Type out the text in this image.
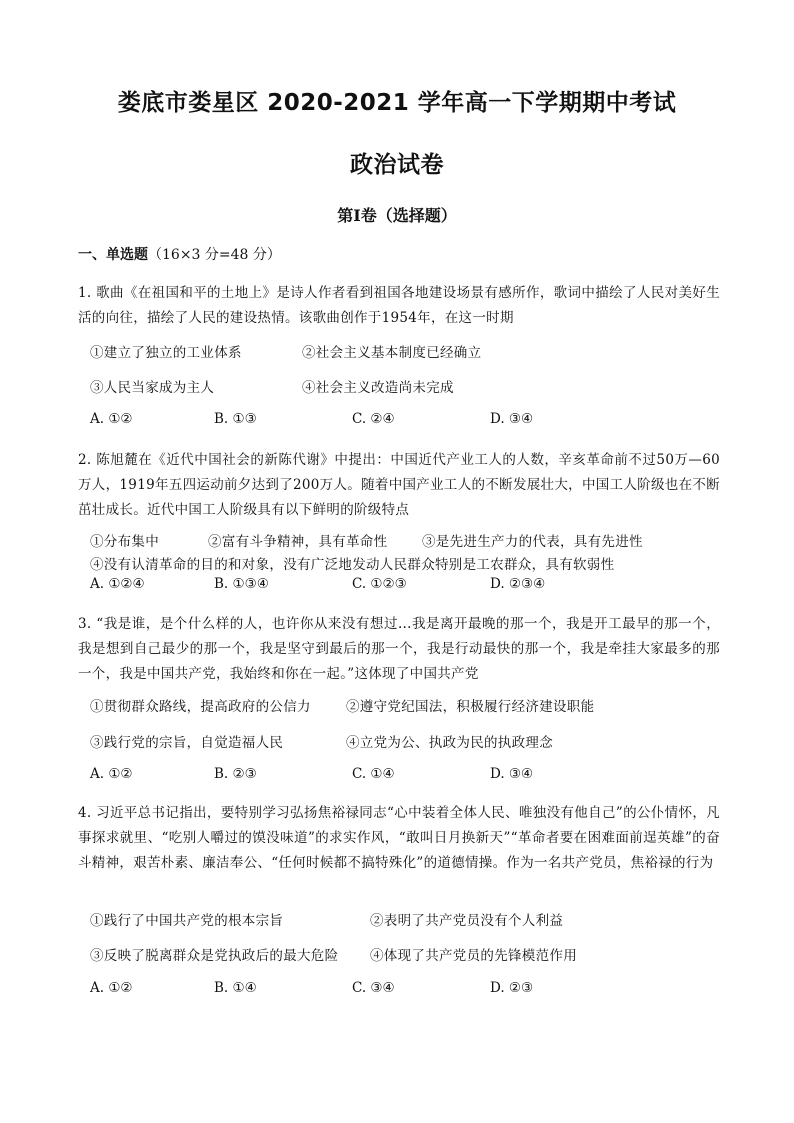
娄底市娄星区 2020-2021 学年高一下学期期中考试
政治试卷
第Ⅰ卷（选择题）
一、单选题（16×3 分=48 分）
1. 歌曲《在祖国和平的土地上》是诗人作者看到祖国各地建设场景有感所作，歌词中描绘了人民对美好生活的向往，描绘了人民的建设热情。该歌曲创作于1954年，在这一时期
①建立了独立的工业体系	②社会主义基本制度已经确立
③人民当家成为主人	④社会主义改造尚未完成
A. ①②	B. ①③	C. ②④	D. ③④
2. 陈旭麓在《近代中国社会的新陈代谢》中提出：中国近代产业工人的人数，辛亥革命前不过50万—60万人，1919年五四运动前夕达到了200万人。随着中国产业工人的不断发展壮大，中国工人阶级也在不断茁壮成长。近代中国工人阶级具有以下鲜明的阶级特点
①分布集中	②富有斗争精神，具有革命性	③是先进生产力的代表，具有先进性
④没有认清革命的目的和对象，没有广泛地发动人民群众特别是工农群众，具有软弱性
A. ①②④	B. ①③④	C. ①②③	D. ②③④
3. “我是谁，是个什么样的人，也许你从来没有想过...我是离开最晚的那一个，我是开工最早的那一个，我是想到自己最少的那一个，我是坚守到最后的那一个，我是行动最快的那一个，我是牵挂大家最多的那一个，我是中国共产党，我始终和你在一起。”这体现了中国共产党
①贯彻群众路线，提高政府的公信力	②遵守党纪国法，积极履行经济建设职能
③践行党的宗旨，自觉造福人民	④立党为公、执政为民的执政理念
A. ①②	B. ②③	C. ①④	D. ③④
4. 习近平总书记指出，要特别学习弘扬焦裕禄同志“心中装着全体人民、唯独没有他自己”的公仆情怀，凡事探求就里、“吃别人嚼过的馍没味道”的求实作风，“敢叫日月换新天”“革命者要在困难面前逞英雄”的奋斗精神，艰苦朴素、廉洁奉公、“任何时候都不搞特殊化”的道德情操。作为一名共产党员，焦裕禄的行为
①践行了中国共产党的根本宗旨	②表明了共产党员没有个人利益
③反映了脱离群众是党执政后的最大危险 ④体现了共产党员的先锋模范作用
A. ①②	B. ①④	C. ③④	D. ②③
